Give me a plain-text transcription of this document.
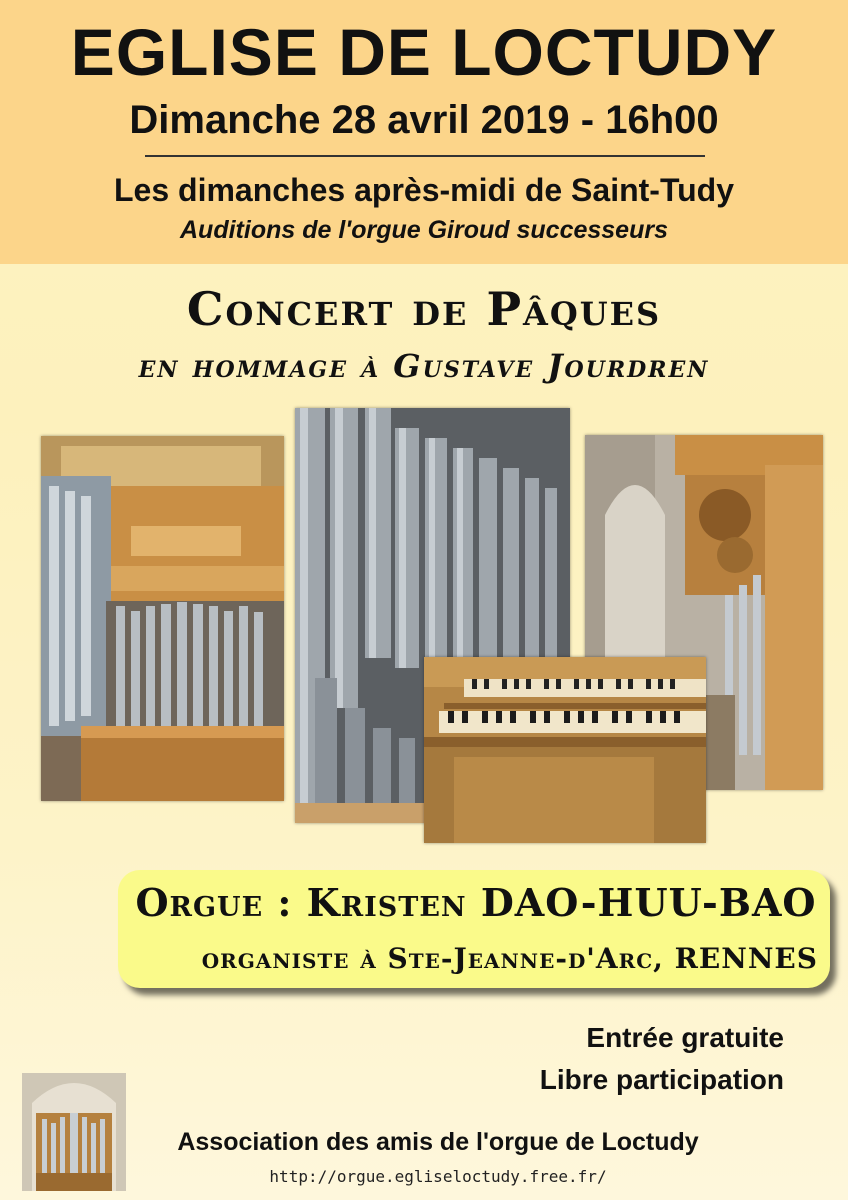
EGLISE DE LOCTUDY
Dimanche 28 avril 2019 - 16h00
Les dimanches après-midi de Saint-Tudy
Auditions de l'orgue Giroud successeurs
Concert de Pâques
en hommage à Gustave Jourdren
Orgue : Kristen DAO-HUU-BAO
organiste à Ste-Jeanne-d'Arc, RENNES
Entrée gratuite
Libre participation
Association des amis de l'orgue de Loctudy
http://orgue.egliseloctudy.free.fr/
